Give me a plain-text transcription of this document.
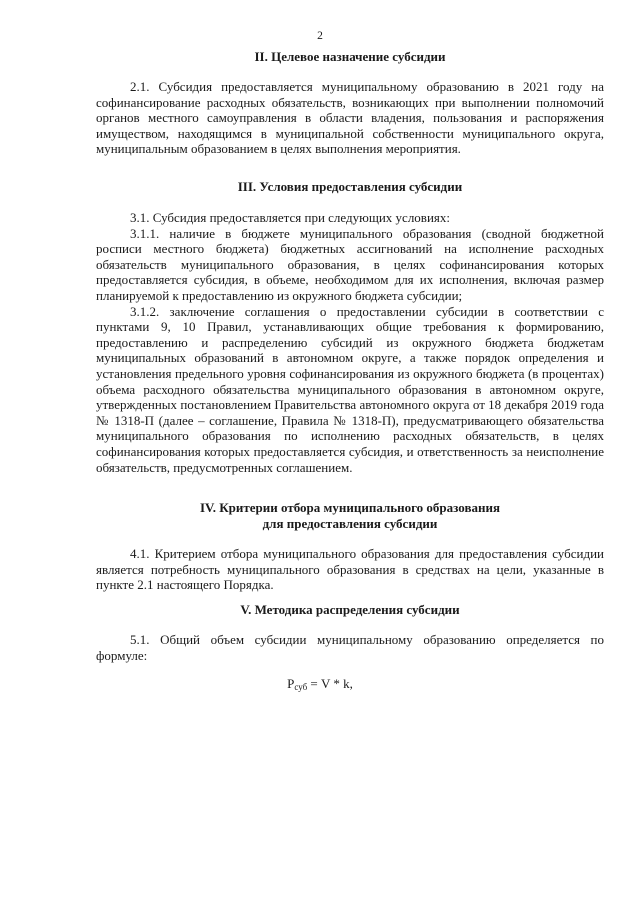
2
II. Целевое назначение субсидии

2.1. Субсидия предоставляется муниципальному образованию в 2021 году на софинансирование расходных обязательств, возникающих при выполнении полномочий органов местного самоуправления в области владения, пользования и распоряжения имуществом, находящимся в муниципальной собственности муниципального округа, муниципальным образованием в целях выполнения мероприятия.

III. Условия предоставления субсидии

3.1. Субсидия предоставляется при следующих условиях:

3.1.1. наличие в бюджете муниципального образования (сводной бюджетной росписи местного бюджета) бюджетных ассигнований на исполнение расходных обязательств муниципального образования, в целях софинансирования которых предоставляется субсидия, в объеме, необходимом для их исполнения, включая размер планируемой к предоставлению из окружного бюджета субсидии;

3.1.2. заключение соглашения о предоставлении субсидии в соответствии с пунктами 9, 10 Правил, устанавливающих общие требования к формированию, предоставлению и распределению субсидий из окружного бюджета бюджетам муниципальных образований в автономном округе, а также порядок определения и установления предельного уровня софинансирования из окружного бюджета (в процентах) объема расходного обязательства муниципального образования в автономном округе, утвержденных постановлением Правительства автономного округа от 18 декабря 2019 года № 1318-П (далее – соглашение, Правила № 1318-П), предусматривающего обязательства муниципального образования по исполнению расходных обязательств, в целях софинансирования которых предоставляется субсидия, и ответственность за неисполнение обязательств, предусмотренных соглашением.

IV. Критерии отбора муниципального образования
для предоставления субсидии

4.1. Критерием отбора муниципального образования для предоставления субсидии является потребность муниципального образования в средствах на цели, указанные в пункте 2.1 настоящего Порядка.

V. Методика распределения субсидии

5.1. Общий объем субсидии муниципальному образованию определяется по формуле:

$P_{суб} = V * k$,
